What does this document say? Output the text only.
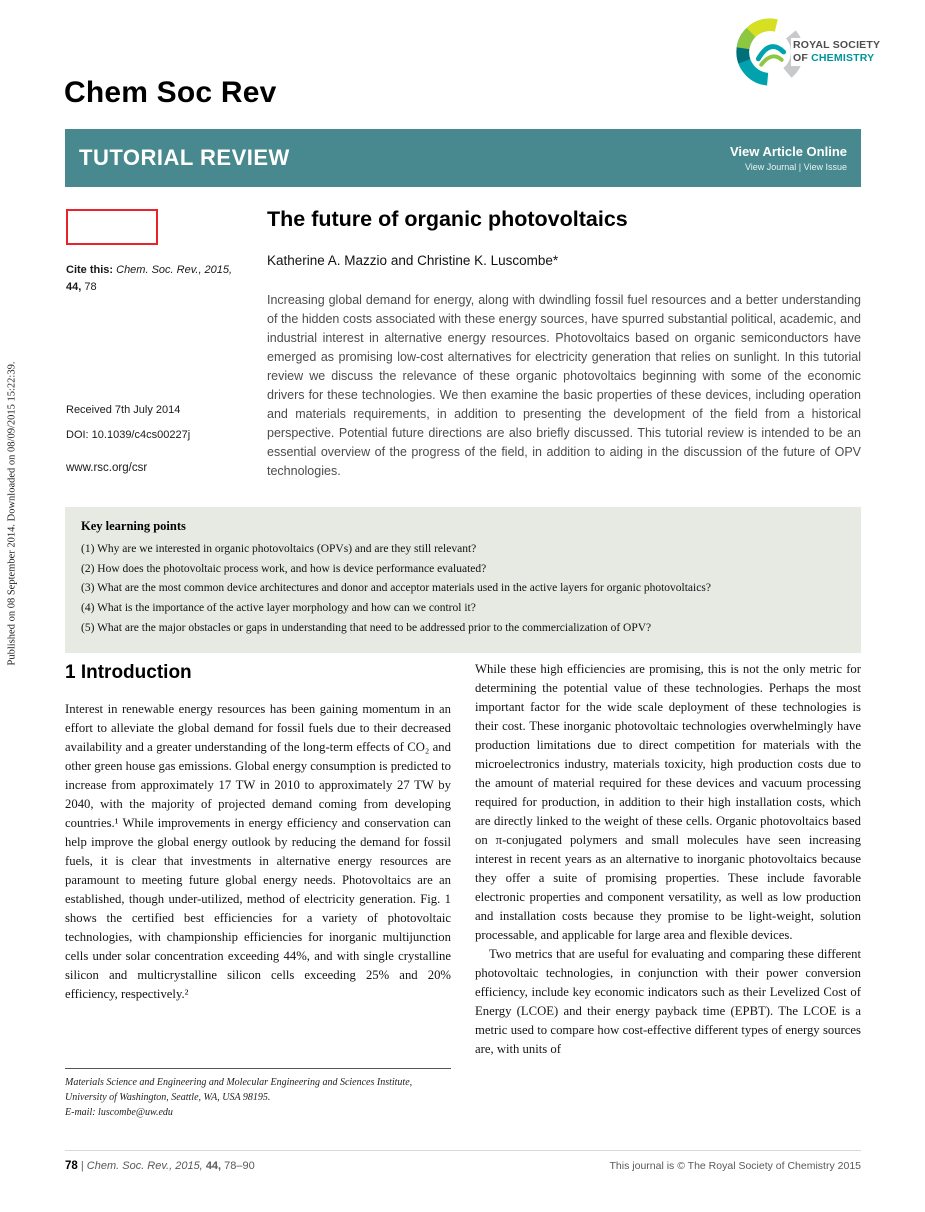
Published on 08 September 2014. Downloaded on 08/09/2015 15:22:39.
ROYAL SOCIETY
OF CHEMISTRY
Chem Soc Rev
TUTORIAL REVIEW	View Article Online
View Journal | View Issue
Cite this: Chem. Soc. Rev., 2015, 44, 78
Received 7th July 2014
DOI: 10.1039/c4cs00227j
www.rsc.org/csr
The future of organic photovoltaics
Katherine A. Mazzio and Christine K. Luscombe*
Increasing global demand for energy, along with dwindling fossil fuel resources and a better understanding of the hidden costs associated with these energy sources, have spurred substantial political, academic, and industrial interest in alternative energy resources. Photovoltaics based on organic semiconductors have emerged as promising low-cost alternatives for electricity generation that relies on sunlight. In this tutorial review we discuss the relevance of these organic photovoltaics beginning with some of the economic drivers for these technologies. We then examine the basic properties of these devices, including operation and materials requirements, in addition to presenting the development of the field from a historical perspective. Potential future directions are also briefly discussed. This tutorial review is intended to be an essential overview of the progress of the field, in addition to aiding in the discussion of the future of OPV technologies.
Key learning points

(1) Why are we interested in organic photovoltaics (OPVs) and are they still relevant?

(2) How does the photovoltaic process work, and how is device performance evaluated?

(3) What are the most common device architectures and donor and acceptor materials used in the active layers for organic photovoltaics?

(4) What is the importance of the active layer morphology and how can we control it?

(5) What are the major obstacles or gaps in understanding that need to be addressed prior to the commercialization of OPV?

1 Introduction

Interest in renewable energy resources has been gaining momentum in an effort to alleviate the global demand for fossil fuels due to their decreased availability and a greater understanding of the long-term effects of CO₂ and other green house gas emissions. Global energy consumption is predicted to increase from approximately 17 TW in 2010 to approximately 27 TW by 2040, with the majority of projected demand coming from developing countries.¹ While improvements in energy efficiency and conservation can help improve the global energy outlook by reducing the demand for fossil fuels, it is clear that investments in alternative energy resources are paramount to meeting future global energy needs. Photovoltaics are an established, though under-utilized, method of electricity generation. Fig. 1 shows the certified best efficiencies for a variety of photovoltaic technologies, with championship efficiencies for inorganic multijunction cells under solar concentration exceeding 44%, and with single crystalline silicon and multicrystalline silicon cells exceeding 25% and 20% efficiency, respectively.²

Materials Science and Engineering and Molecular Engineering and Sciences Institute, University of Washington, Seattle, WA, USA 98195.
E-mail: luscombe@uw.edu

While these high efficiencies are promising, this is not the only metric for determining the potential value of these technologies. Perhaps the most important factor for the wide scale deployment of these technologies is their cost. These inorganic photovoltaic technologies overwhelmingly have production limitations due to direct competition for materials with the microelectronics industry, materials toxicity, high production costs due to the amount of material required for these devices and vacuum processing required for production, in addition to their high installation costs, which are directly linked to the weight of these cells. Organic photovoltaics based on π-conjugated polymers and small molecules have seen increasing interest in recent years as an alternative to inorganic photovoltaics because they offer a suite of promising properties. These include favorable electronic properties and component versatility, as well as low production and installation costs because they promise to be light-weight, solution processable, and applicable for large area and flexible devices.

Two metrics that are useful for evaluating and comparing these different photovoltaic technologies, in conjunction with their power conversion efficiency, include key economic indicators such as their Levelized Cost of Energy (LCOE) and their energy payback time (EPBT). The LCOE is a metric used to compare how cost-effective different types of energy sources are, with units of

78 | Chem. Soc. Rev., 2015, 44, 78–90	This journal is © The Royal Society of Chemistry 2015
